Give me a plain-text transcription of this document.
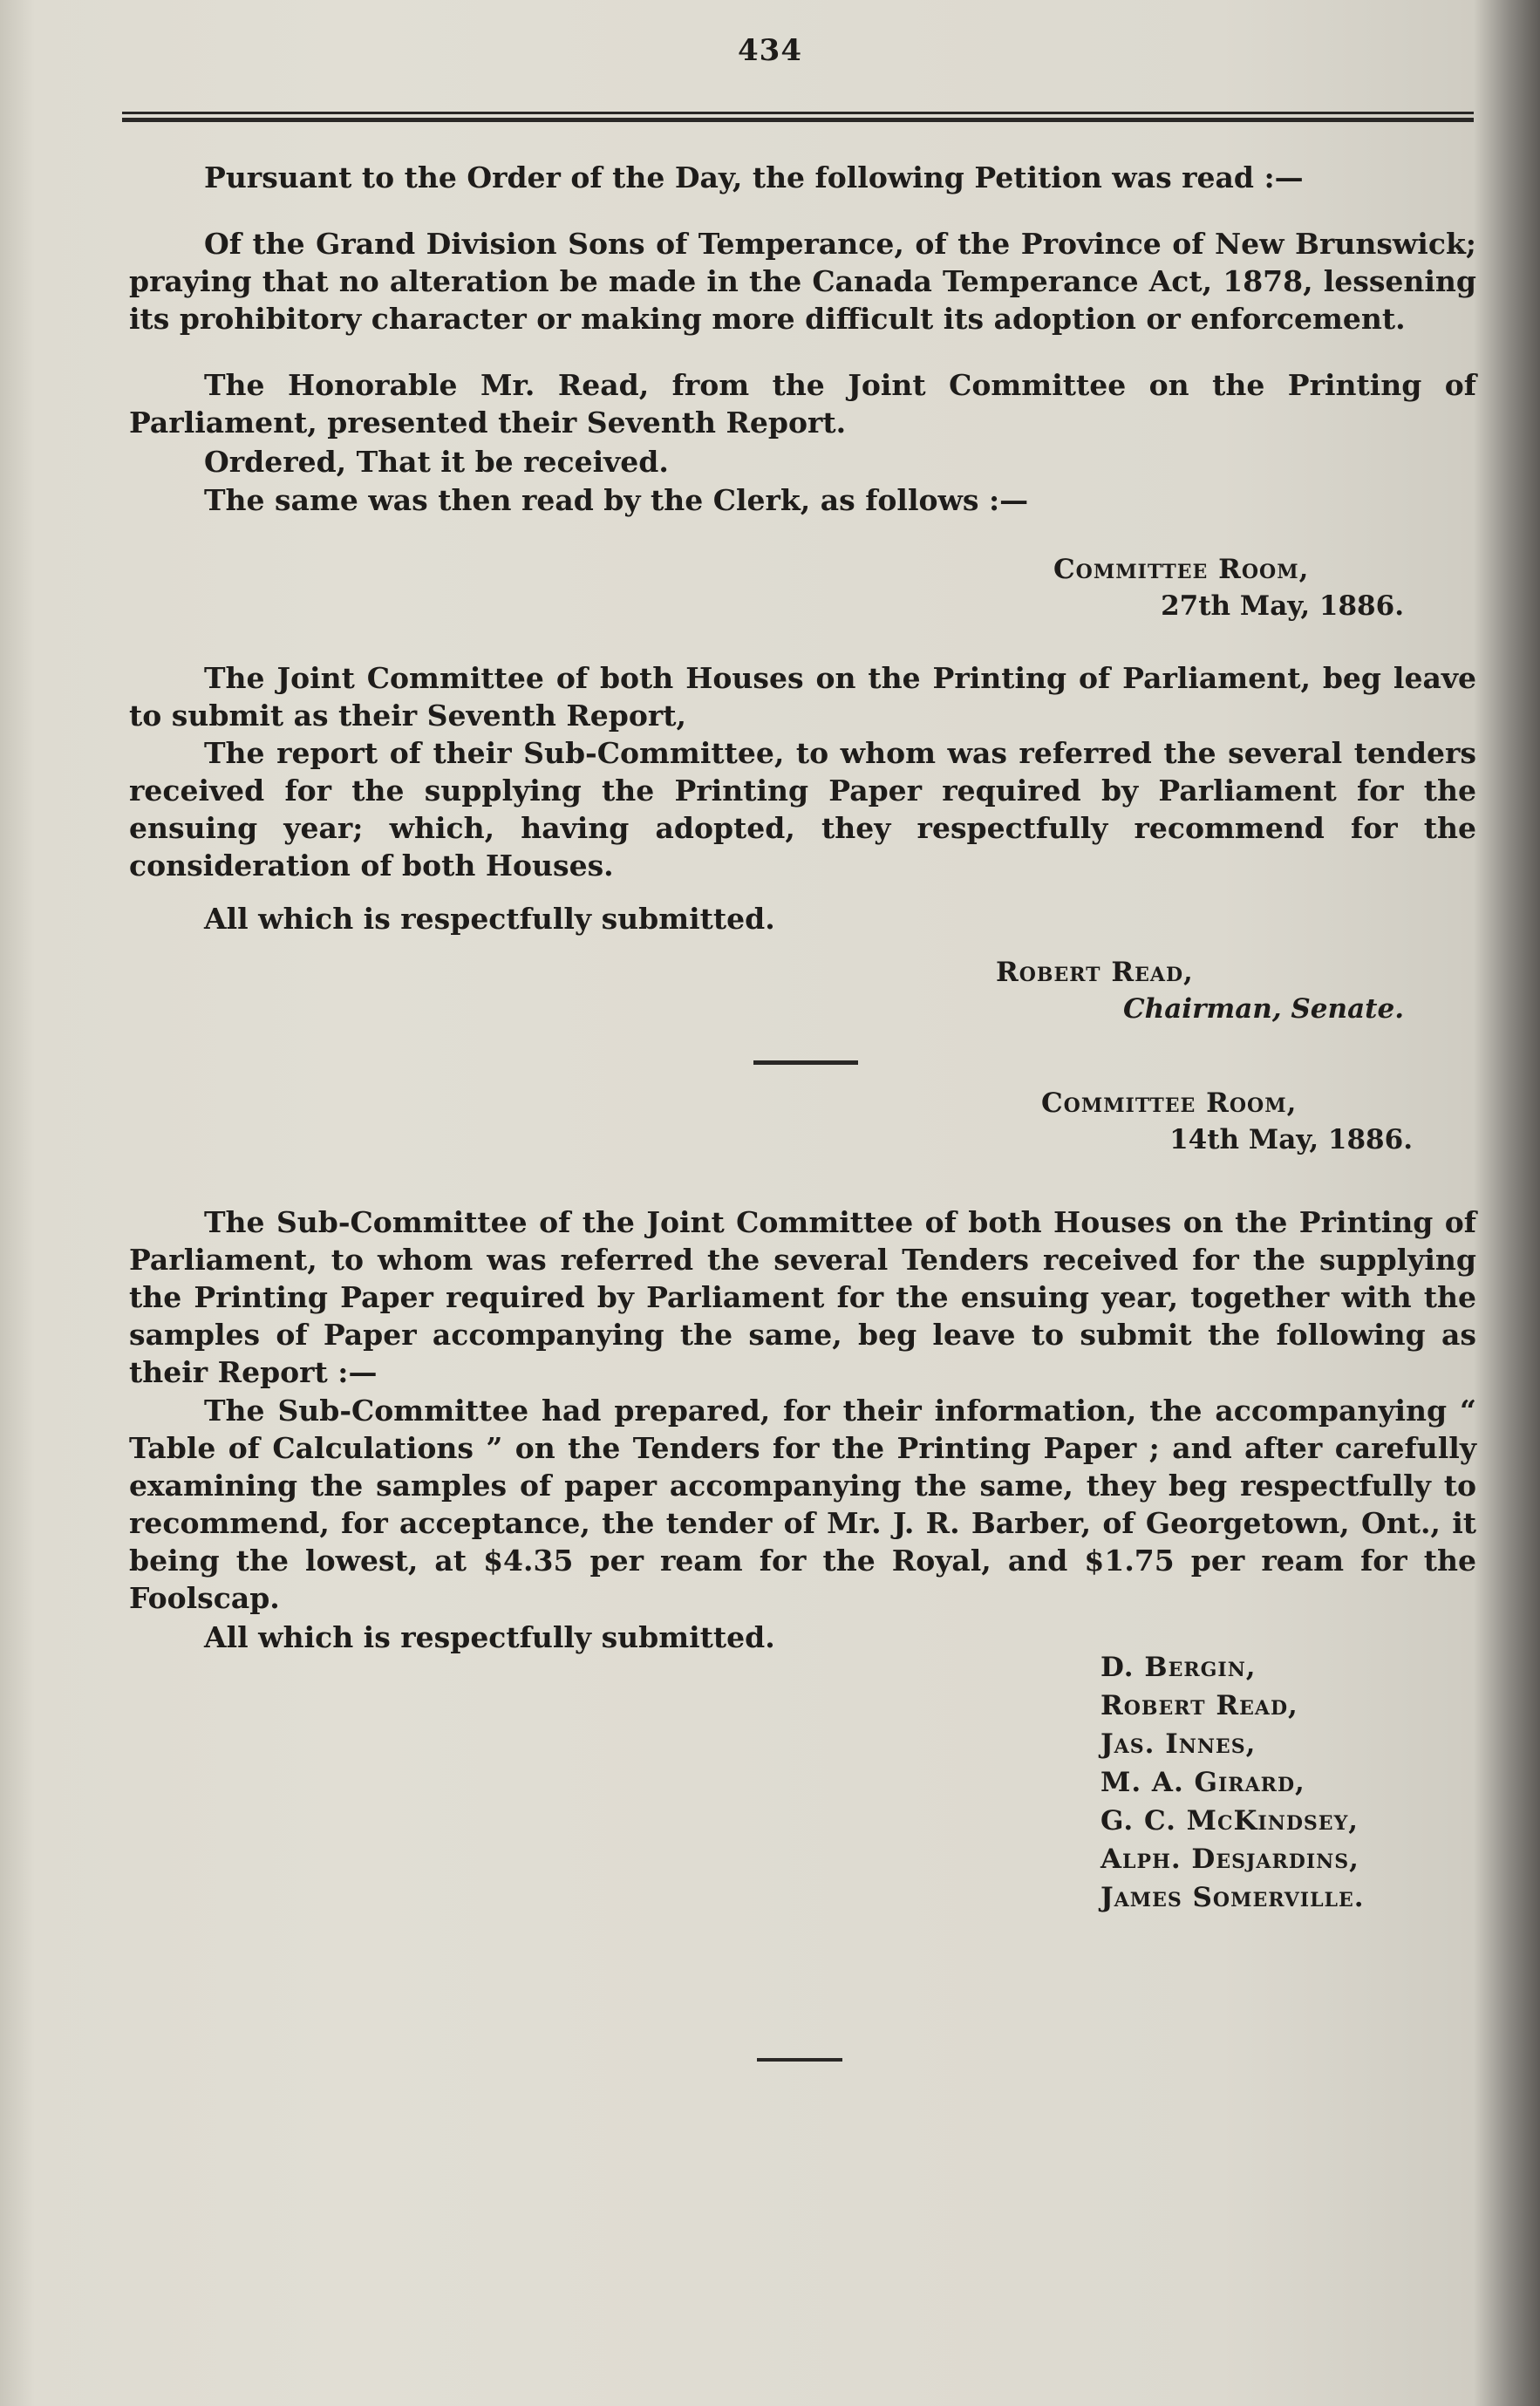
434
Pursuant to the Order of the Day, the following Petition was read :—
Of the Grand Division Sons of Temperance, of the Province of New Brunswick; praying that no alteration be made in the Canada Temperance Act, 1878, lessening its prohibitory character or making more difficult its adoption or enforcement.
The Honorable Mr. Read, from the Joint Committee on the Printing of Parliament, presented their Seventh Report.
Ordered, That it be received.
The same was then read by the Clerk, as follows :—
Committee Room,
27th May, 1886.
The Joint Committee of both Houses on the Printing of Parliament, beg leave to submit as their Seventh Report,
The report of their Sub-Committee, to whom was referred the several tenders received for the supplying the Printing Paper required by Parliament for the ensuing year; which, having adopted, they respectfully recommend for the consideration of both Houses.
All which is respectfully submitted.
Robert Read,
Chairman, Senate.
Committee Room,
14th May, 1886.
The Sub-Committee of the Joint Committee of both Houses on the Printing of Parliament, to whom was referred the several Tenders received for the supplying the Printing Paper required by Parliament for the ensuing year, together with the samples of Paper accompanying the same, beg leave to submit the following as their Report :—
The Sub-Committee had prepared, for their information, the accompanying “ Table of Calculations ” on the Tenders for the Printing Paper ; and after carefully examining the samples of paper accompanying the same, they beg respectfully to recommend, for acceptance, the tender of Mr. J. R. Barber, of Georgetown, Ont., it being the lowest, at $4.35 per ream for the Royal, and $1.75 per ream for the Foolscap.
All which is respectfully submitted.
D. Bergin,
Robert Read,
Jas. Innes,
M. A. Girard,
G. C. McKindsey,
Alph. Desjardins,
James Somerville.
